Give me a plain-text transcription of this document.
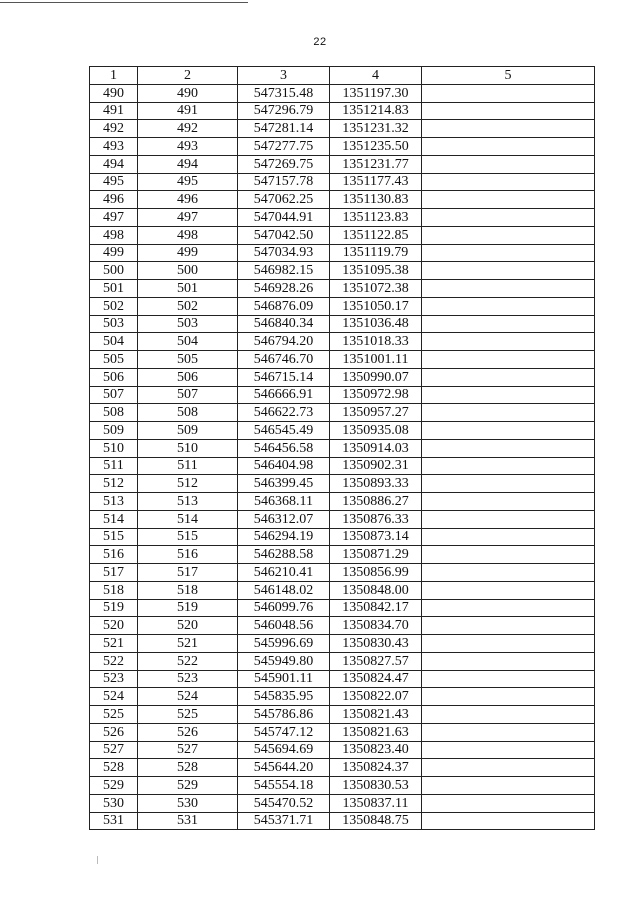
22
1	2	3	4	5
490	490	547315.48	1351197.30	
491	491	547296.79	1351214.83	
492	492	547281.14	1351231.32	
493	493	547277.75	1351235.50	
494	494	547269.75	1351231.77	
495	495	547157.78	1351177.43	
496	496	547062.25	1351130.83	
497	497	547044.91	1351123.83	
498	498	547042.50	1351122.85	
499	499	547034.93	1351119.79	
500	500	546982.15	1351095.38	
501	501	546928.26	1351072.38	
502	502	546876.09	1351050.17	
503	503	546840.34	1351036.48	
504	504	546794.20	1351018.33	
505	505	546746.70	1351001.11	
506	506	546715.14	1350990.07	
507	507	546666.91	1350972.98	
508	508	546622.73	1350957.27	
509	509	546545.49	1350935.08	
510	510	546456.58	1350914.03	
511	511	546404.98	1350902.31	
512	512	546399.45	1350893.33	
513	513	546368.11	1350886.27	
514	514	546312.07	1350876.33	
515	515	546294.19	1350873.14	
516	516	546288.58	1350871.29	
517	517	546210.41	1350856.99	
518	518	546148.02	1350848.00	
519	519	546099.76	1350842.17	
520	520	546048.56	1350834.70	
521	521	545996.69	1350830.43	
522	522	545949.80	1350827.57	
523	523	545901.11	1350824.47	
524	524	545835.95	1350822.07	
525	525	545786.86	1350821.43	
526	526	545747.12	1350821.63	
527	527	545694.69	1350823.40	
528	528	545644.20	1350824.37	
529	529	545554.18	1350830.53	
530	530	545470.52	1350837.11	
531	531	545371.71	1350848.75	
